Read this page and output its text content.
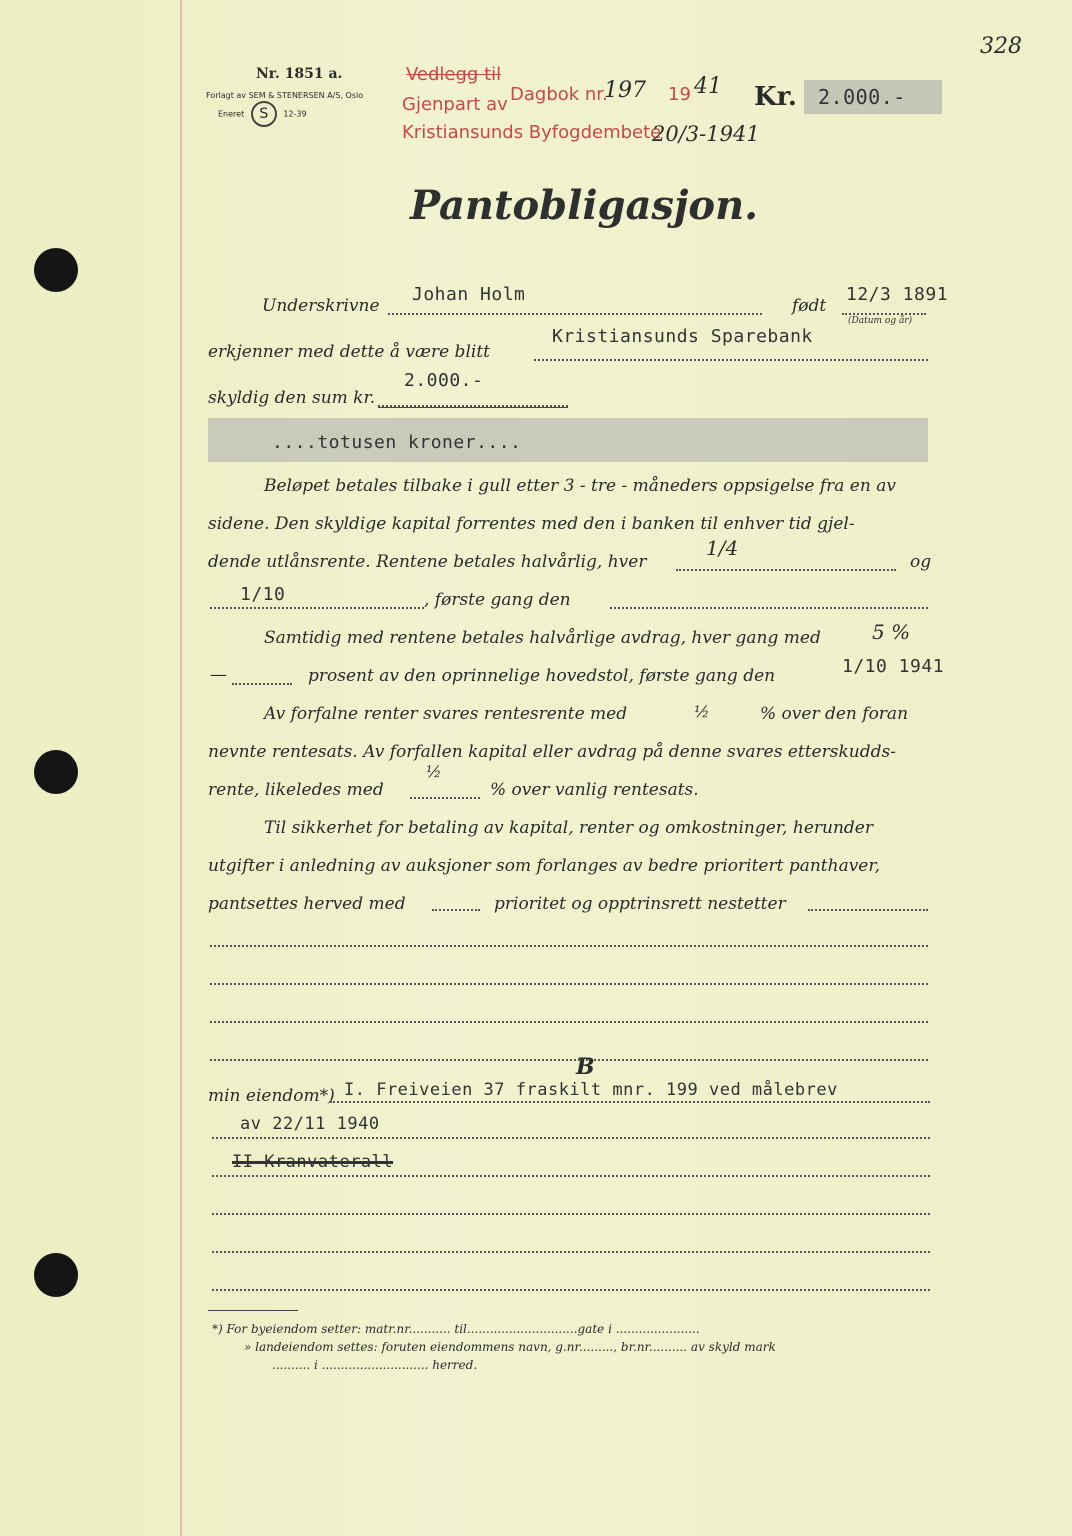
328
Nr. 1851 a.
Forlagt av SEM & STENERSEN A/S, Oslo
Eneret S 12-39
Vedlegg til
Gjenpart av
Kristiansunds Byfogdembete
Dagbok nr.
197 19 41
20/3-1941
Kr.	2.000.-
Pantobligasjon.
Underskrivne
Johan Holm
født
12/3 1891
(Datum og år)
erkjenner med dette å være blitt
Kristiansunds Sparebank
skyldig den sum kr.
2.000.-
....totusen kroner....
Beløpet betales tilbake i gull etter 3 - tre - måneders oppsigelse fra en av
sidene. Den skyldige kapital forrentes med den i banken til enhver tid gjel-
dende utlånsrente. Rentene betales halvårlig, hver
1/4
og
1/10	, første gang den
Samtidig med rentene betales halvårlige avdrag, hver gang med	5 %
—	prosent av den oprinnelige hovedstol, første gang den	1/10 1941
Av forfalne renter svares rentesrente med	½	% over den foran
nevnte rentesats. Av forfallen kapital eller avdrag på denne svares etterskudds-
rente, likeledes med
½
% over vanlig rentesats.
Til sikkerhet for betaling av kapital, renter og omkostninger, herunder
utgifter i anledning av auksjoner som forlanges av bedre prioritert panthaver,
pantsettes herved med	prioritet og opptrinsrett nestetter
min eiendom*) I. Freiveien 37 fraskilt mnr. 199 ved målebrev
B
av 22/11 1940
II Kranvaterall
*) For byeiendom setter: matr.nr........... til.............................gate i ......................
» landeiendom settes: foruten eiendommens navn, g.nr........., br.nr.......... av skyld mark
.......... i ............................ herred.
